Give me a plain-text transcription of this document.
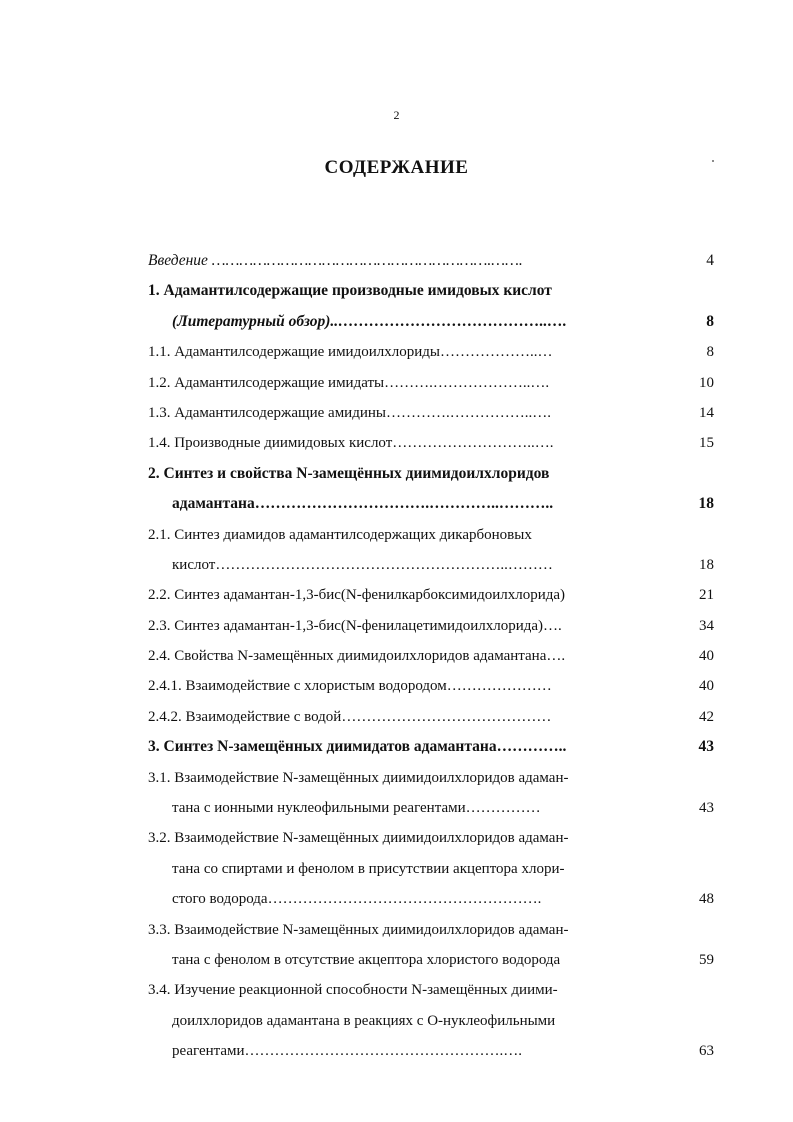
2
СОДЕРЖАНИЕ
Введение …………………………………………………….…….	4
1. Адамантилсодержащие производные имидовых кислот
(Литературный обзор)..…………………………………..….	8
1.1. Адамантилсодержащие имидоилхлориды………………..…	8
1.2. Адамантилсодержащие имидаты……….………………..….	10
1.3. Адамантилсодержащие амидины………….……………..….	14
1.4. Производные диимидовых кислот………………………..….	15
2. Синтез и свойства N-замещённых диимидоилхлоридов
адамантана…………………………….…………..………..	18
2.1. Синтез диамидов адамантилсодержащих дикарбоновых
кислот…………………………………………………..………	18
2.2. Синтез адамантан-1,3-бис(N-фенилкарбоксимидоилхлорида)	21
2.3. Синтез адамантан-1,3-бис(N-фенилацетимидоилхлорида)….	34
2.4. Свойства N-замещённых диимидоилхлоридов адамантана….	40
2.4.1. Взаимодействие с хлористым водородом…………………	40
2.4.2. Взаимодействие с водой……………………………………	42
3. Синтез N-замещённых диимидатов адамантана…………..	43
3.1. Взаимодействие N-замещённых диимидоилхлоридов адаман-
тана с ионными нуклеофильными реагентами……………	43
3.2. Взаимодействие N-замещённых диимидоилхлоридов адаман-
тана со спиртами и фенолом в присутствии акцептора хлори-
стого водорода……………………………………………….	48
3.3. Взаимодействие N-замещённых диимидоилхлоридов адаман-
тана с фенолом в отсутствие акцептора хлористого водорода	59
3.4. Изучение реакционной способности N-замещённых диими-
доилхлоридов адамантана в реакциях с О-нуклеофильными
реагентами…………………………………………….….	63
